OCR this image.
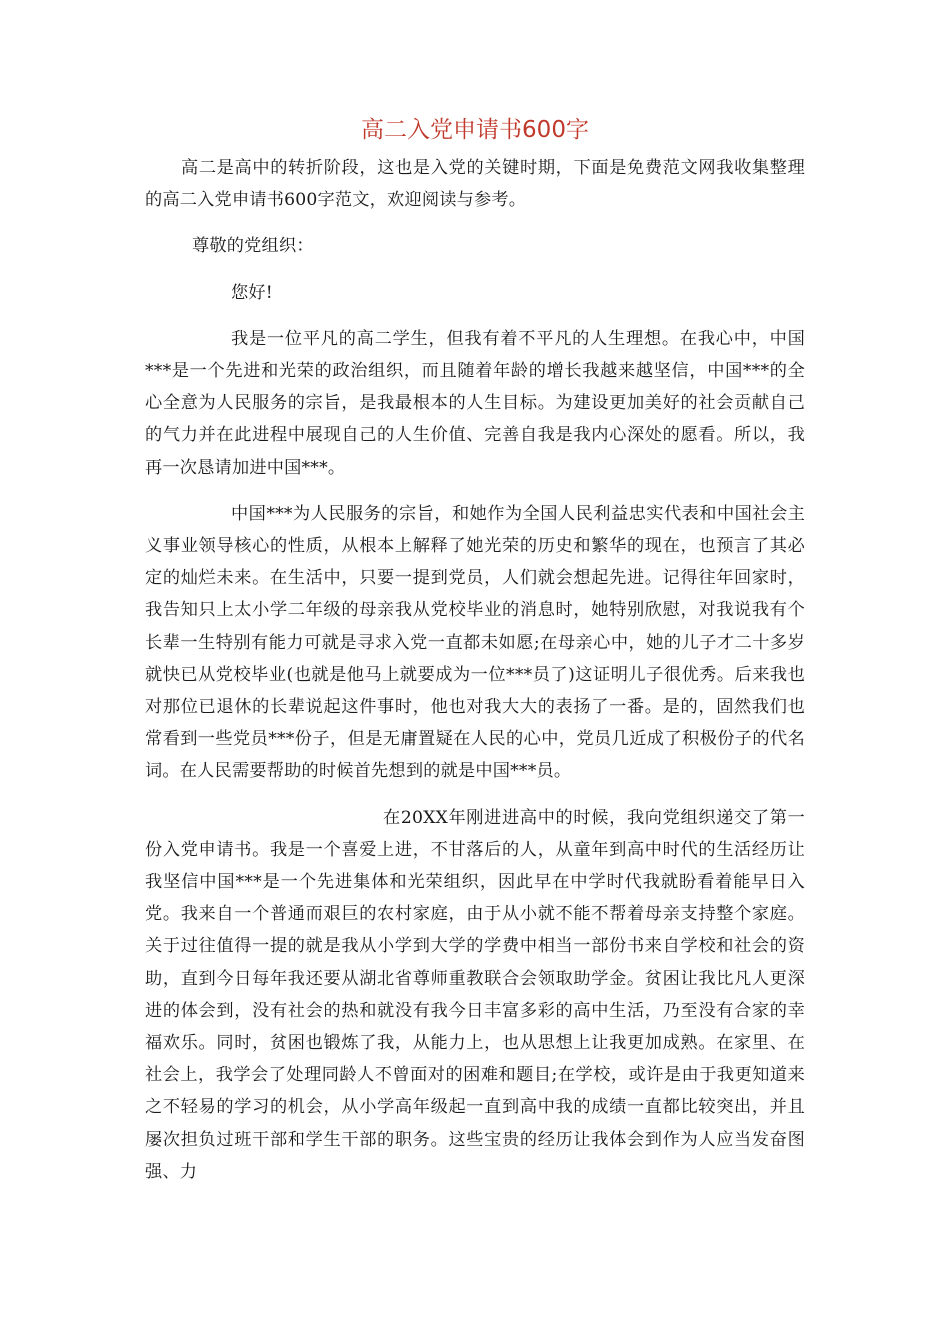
高二入党申请书600字

高二是高中的转折阶段，这也是入党的关键时期，下面是免费范文网我收集整理的高二入党申请书600字范文，欢迎阅读与参考。

尊敬的党组织：

您好!

我是一位平凡的高二学生，但我有着不平凡的人生理想。在我心中，中国***是一个先进和光荣的政治组织，而且随着年龄的增长我越来越坚信，中国***的全心全意为人民服务的宗旨，是我最根本的人生目标。为建设更加美好的社会贡献自己的气力并在此进程中展现自己的人生价值、完善自我是我内心深处的愿看。所以，我再一次恳请加进中国***。

中国***为人民服务的宗旨，和她作为全国人民利益忠实代表和中国社会主义事业领导核心的性质，从根本上解释了她光荣的历史和繁华的现在，也预言了其必定的灿烂未来。在生活中，只要一提到党员，人们就会想起先进。记得往年回家时，我告知只上太小学二年级的母亲我从党校毕业的消息时，她特别欣慰，对我说我有个长辈一生特别有能力可就是寻求入党一直都未如愿;在母亲心中，她的儿子才二十多岁就快已从党校毕业(也就是他马上就要成为一位***员了)这证明儿子很优秀。后来我也对那位已退休的长辈说起这件事时，他也对我大大的表扬了一番。是的，固然我们也常看到一些党员***份子，但是无庸置疑在人民的心中，党员几近成了积极份子的代名词。在人民需要帮助的时候首先想到的就是中国***员。

在20XX年刚进进高中的时候，我向党组织递交了第一份入党申请书。我是一个喜爱上进，不甘落后的人，从童年到高中时代的生活经历让我坚信中国***是一个先进集体和光荣组织，因此早在中学时代我就盼看着能早日入党。我来自一个普通而艰巨的农村家庭，由于从小就不能不帮着母亲支持整个家庭。关于过往值得一提的就是我从小学到大学的学费中相当一部份书来自学校和社会的资助，直到今日每年我还要从湖北省尊师重教联合会领取助学金。贫困让我比凡人更深进的体会到，没有社会的热和就没有我今日丰富多彩的高中生活，乃至没有合家的幸福欢乐。同时，贫困也锻炼了我，从能力上，也从思想上让我更加成熟。在家里、在社会上，我学会了处理同龄人不曾面对的困难和题目;在学校，或许是由于我更知道来之不轻易的学习的机会，从小学高年级起一直到高中我的成绩一直都比较突出，并且屡次担负过班干部和学生干部的职务。这些宝贵的经历让我体会到作为人应当发奋图强、力
